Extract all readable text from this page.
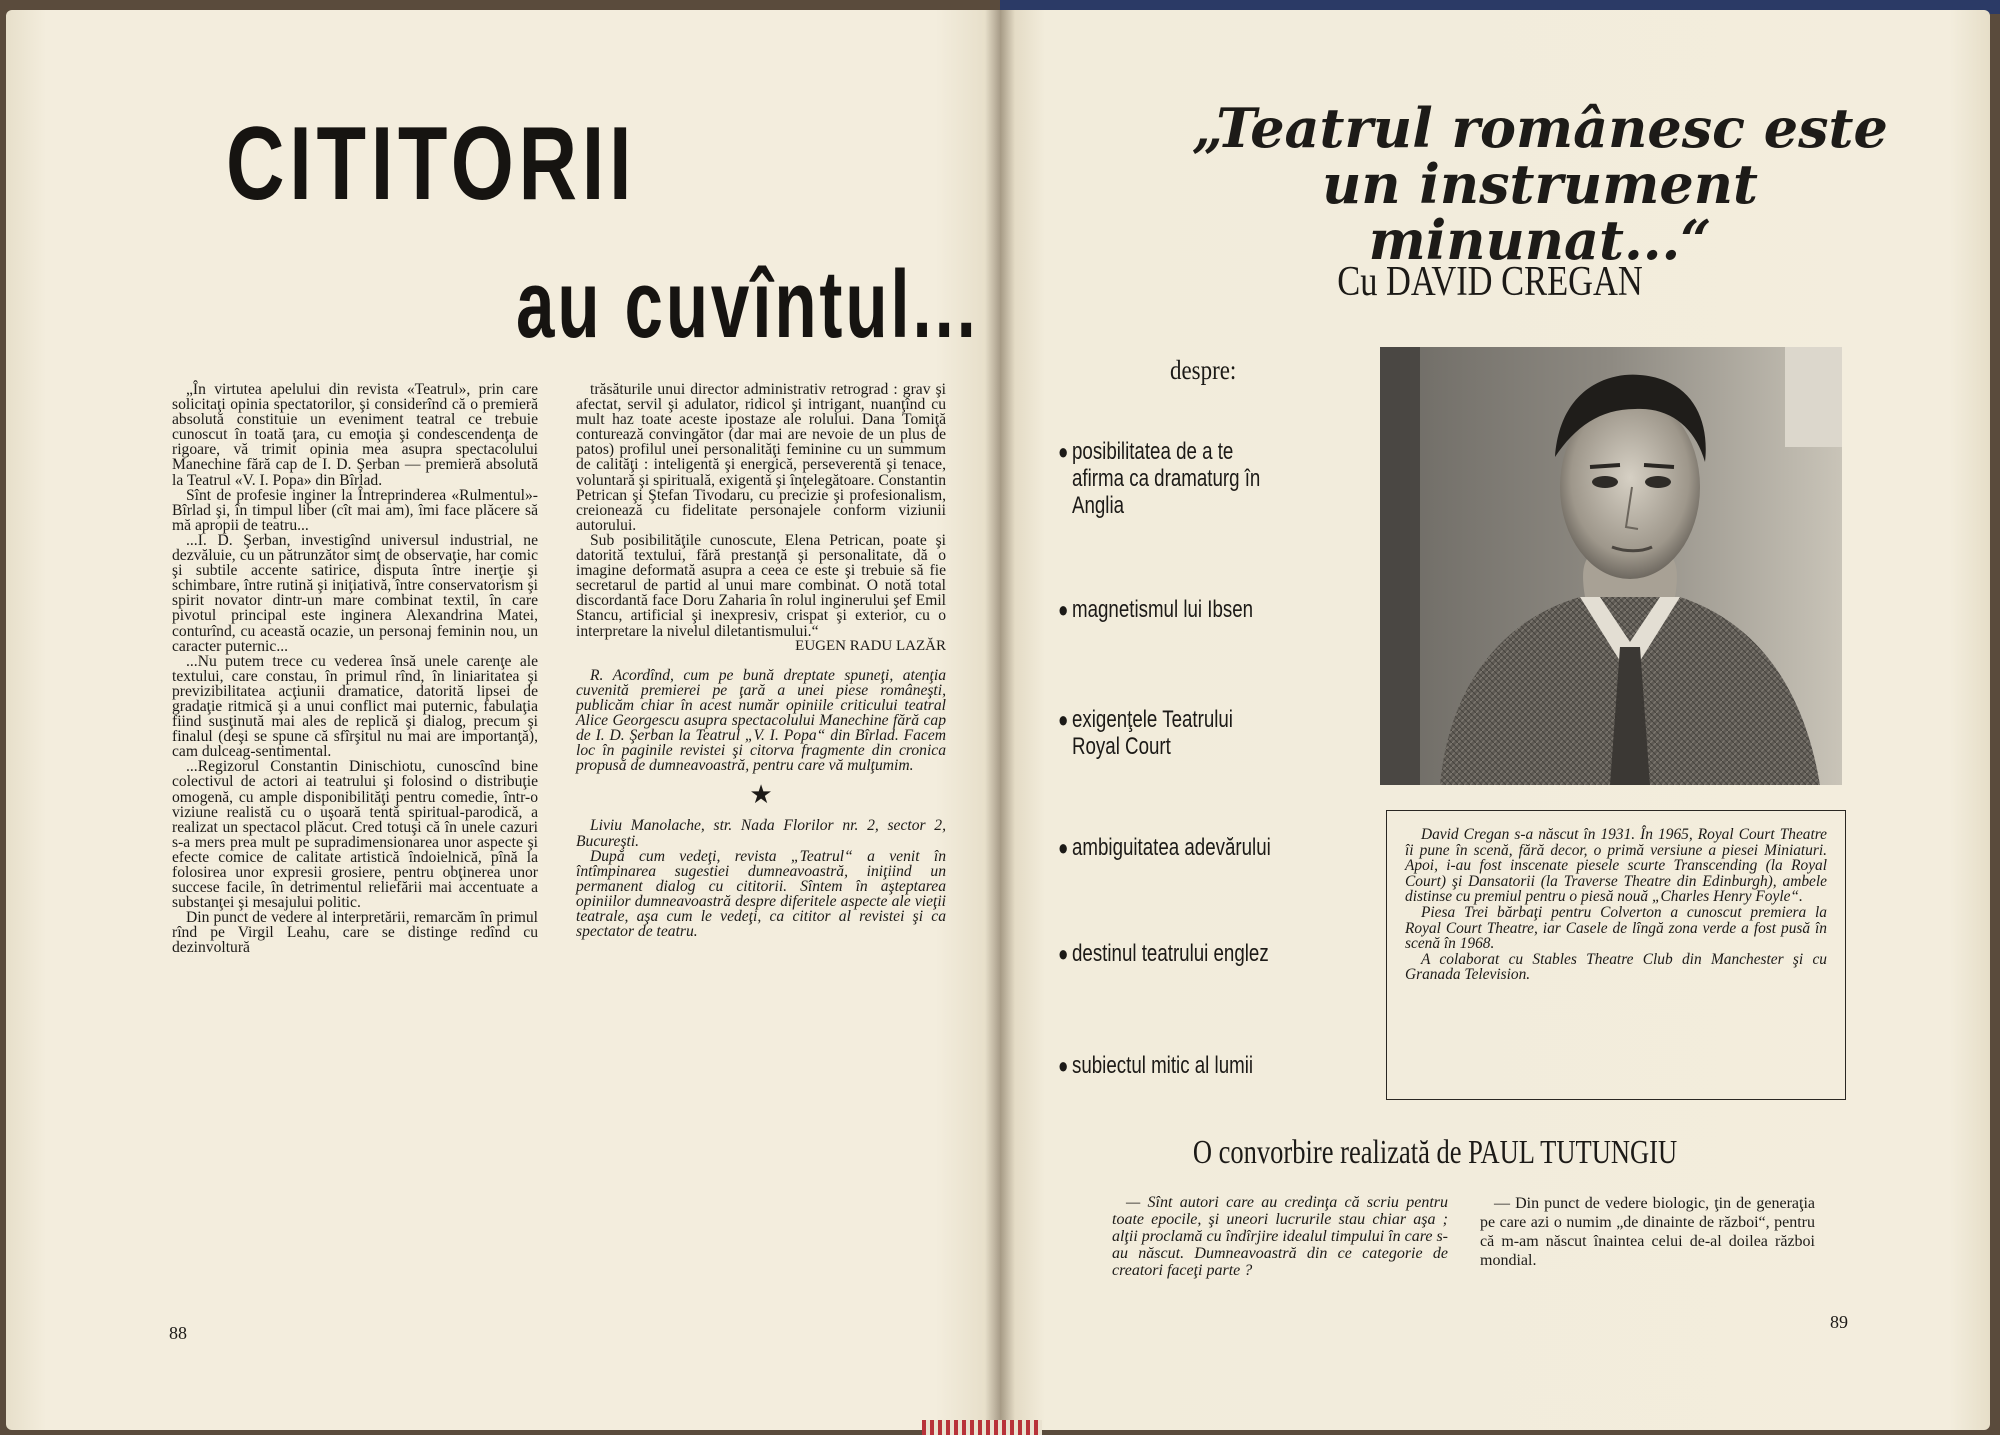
CITITORII
au cuvîntul...

„În virtutea apelului din revista «Teatrul», prin care solicitaţi opinia spectatorilor, şi considerînd că o premieră absolută constituie un eveniment teatral ce trebuie cunoscut în toată ţara, cu emoţia şi condescendenţa de rigoare, vă trimit opinia mea asupra spectacolului Manechine fără cap de I. D. Şerban — premieră absolută la Teatrul «V. I. Popa» din Bîrlad.

Sînt de profesie inginer la Întreprinderea «Rulmentul»-Bîrlad şi, în timpul liber (cît mai am), îmi face plăcere să mă apropii de teatru...

...I. D. Şerban, investigînd universul industrial, ne dezvăluie, cu un pătrunzător simţ de observaţie, har comic şi subtile accente satirice, disputa între inerţie şi schimbare, între rutină şi iniţiativă, între conservatorism şi spirit novator dintr-un mare combinat textil, în care pivotul principal este inginera Alexandrina Matei, conturînd, cu această ocazie, un personaj feminin nou, un caracter puternic...

...Nu putem trece cu vederea însă unele carenţe ale textului, care constau, în primul rînd, în liniaritatea şi previzibilitatea acţiunii dramatice, datorită lipsei de gradaţie ritmică şi a unui conflict mai puternic, fabulaţia fiind susţinută mai ales de replică şi dialog, precum şi finalul (deşi se spune că sfîrşitul nu mai are importanţă), cam dulceag-sentimental.

...Regizorul Constantin Dinischiotu, cunoscînd bine colectivul de actori ai teatrului şi folosind o distribuţie omogenă, cu ample disponibilităţi pentru comedie, într-o viziune realistă cu o uşoară tentă spiritual-parodică, a realizat un spectacol plăcut. Cred totuşi că în unele cazuri s-a mers prea mult pe supradimensionarea unor aspecte şi efecte comice de calitate artistică îndoielnică, pînă la folosirea unor expresii grosiere, pentru obţinerea unor succese facile, în detrimentul reliefării mai accentuate a substanţei şi mesajului politic.

Din punct de vedere al interpretării, remarcăm în primul rînd pe Virgil Leahu, care se distinge redînd cu dezinvoltură

trăsăturile unui director administrativ retrograd : grav şi afectat, servil şi adulator, ridicol şi intrigant, nuanţînd cu mult haz toate aceste ipostaze ale rolului. Dana Tomiţă conturează convingător (dar mai are nevoie de un plus de patos) profilul unei personalităţi feminine cu un summum de calităţi : inteligentă şi energică, perseverentă şi tenace, voluntară şi spirituală, exigentă şi înţelegătoare. Constantin Petrican şi Ştefan Tivodaru, cu precizie şi profesionalism, creionează cu fidelitate personajele conform viziunii autorului.

Sub posibilităţile cunoscute, Elena Petrican, poate şi datorită textului, fără prestanţă şi personalitate, dă o imagine deformată asupra a ceea ce este şi trebuie să fie secretarul de partid al unui mare combinat. O notă total discordantă face Doru Zaharia în rolul inginerului şef Emil Stancu, artificial şi inexpresiv, crispat şi exterior, cu o interpretare la nivelul diletantismului.“

EUGEN RADU LAZĂR

R. Acordînd, cum pe bună dreptate spuneţi, atenţia cuvenită premierei pe ţară a unei piese româneşti, publicăm chiar în acest număr opiniile criticului teatral Alice Georgescu asupra spectacolului Manechine fără cap de I. D. Şerban la Teatrul „V. I. Popa“ din Bîrlad. Facem loc în paginile revistei şi citorva fragmente din cronica propusă de dumneavoastră, pentru care vă mulţumim.

★

Liviu Manolache, str. Nada Florilor nr. 2, sector 2, Bucureşti.

După cum vedeţi, revista „Teatrul“ a venit în întîmpinarea sugestiei dumneavoastră, iniţiind un permanent dialog cu cititorii. Sîntem în aşteptarea opiniilor dumneavoastră despre diferitele aspecte ale vieţii teatrale, aşa cum le vedeţi, ca cititor al revistei şi ca spectator de teatru.

88
„Teatrul românesc este
un instrument minunat...“
Cu DAVID CREGAN
despre:
● posibilitatea de a te afirma ca dramaturg în Anglia
● magnetismul lui Ibsen
● exigenţele Teatrului Royal Court
● ambiguitatea adevărului
● destinul teatrului englez
● subiectul mitic al lumii

David Cregan s-a născut în 1931. În 1965, Royal Court Theatre îi pune în scenă, fără decor, o primă versiune a piesei Miniaturi. Apoi, i-au fost inscenate piesele scurte Transcending (la Royal Court) şi Dansatorii (la Traverse Theatre din Edinburgh), ambele distinse cu premiul pentru o piesă nouă „Charles Henry Foyle“.

Piesa Trei bărbaţi pentru Colverton a cunoscut premiera la Royal Court Theatre, iar Casele de lîngă zona verde a fost pusă în scenă în 1968.

A colaborat cu Stables Theatre Club din Manchester şi cu Granada Television.

O convorbire realizată de PAUL TUTUNGIU

— Sînt autori care au credinţa că scriu pentru toate epocile, şi uneori lucrurile stau chiar aşa ; alţii proclamă cu îndîrjire idealul timpului în care s-au născut. Dumneavoastră din ce categorie de creatori faceţi parte ?

— Din punct de vedere biologic, ţin de generaţia pe care azi o numim „de dinainte de război“, pentru că m-am născut înaintea celui de-al doilea război mondial.

89
